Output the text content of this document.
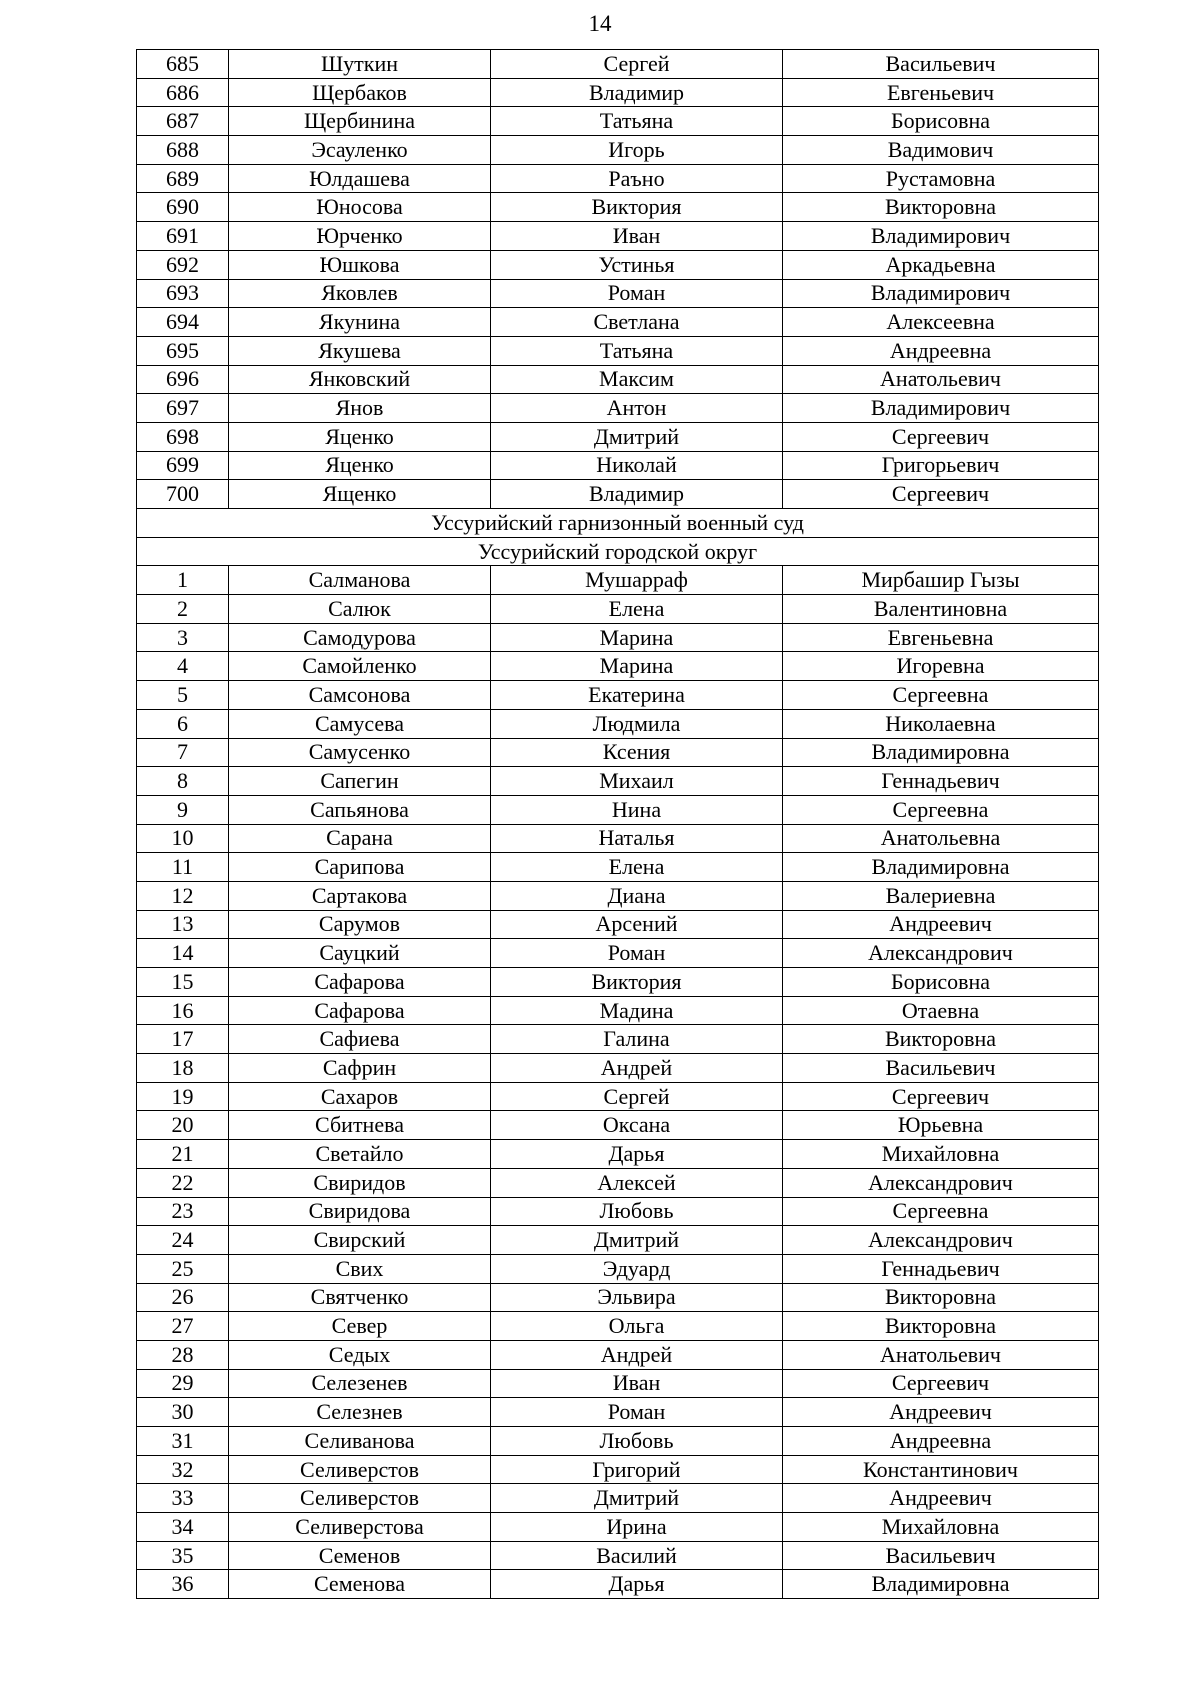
14
685	Шуткин	Сергей	Васильевич
686	Щербаков	Владимир	Евгеньевич
687	Щербинина	Татьяна	Борисовна
688	Эсауленко	Игорь	Вадимович
689	Юлдашева	Раъно	Рустамовна
690	Юносова	Виктория	Викторовна
691	Юрченко	Иван	Владимирович
692	Юшкова	Устинья	Аркадьевна
693	Яковлев	Роман	Владимирович
694	Якунина	Светлана	Алексеевна
695	Якушева	Татьяна	Андреевна
696	Янковский	Максим	Анатольевич
697	Янов	Антон	Владимирович
698	Яценко	Дмитрий	Сергеевич
699	Яценко	Николай	Григорьевич
700	Ященко	Владимир	Сергеевич
Уссурийский гарнизонный военный суд			
Уссурийский городской округ			
1	Салманова	Мушарраф	Мирбашир Гызы
2	Салюк	Елена	Валентиновна
3	Самодурова	Марина	Евгеньевна
4	Самойленко	Марина	Игоревна
5	Самсонова	Екатерина	Сергеевна
6	Самусева	Людмила	Николаевна
7	Самусенко	Ксения	Владимировна
8	Сапегин	Михаил	Геннадьевич
9	Сапьянова	Нина	Сергеевна
10	Сарана	Наталья	Анатольевна
11	Сарипова	Елена	Владимировна
12	Сартакова	Диана	Валериевна
13	Сарумов	Арсений	Андреевич
14	Сауцкий	Роман	Александрович
15	Сафарова	Виктория	Борисовна
16	Сафарова	Мадина	Отаевна
17	Сафиева	Галина	Викторовна
18	Сафрин	Андрей	Васильевич
19	Сахаров	Сергей	Сергеевич
20	Сбитнева	Оксана	Юрьевна
21	Светайло	Дарья	Михайловна
22	Свиридов	Алексей	Александрович
23	Свиридова	Любовь	Сергеевна
24	Свирский	Дмитрий	Александрович
25	Свих	Эдуард	Геннадьевич
26	Святченко	Эльвира	Викторовна
27	Север	Ольга	Викторовна
28	Седых	Андрей	Анатольевич
29	Селезенев	Иван	Сергеевич
30	Селезнев	Роман	Андреевич
31	Селиванова	Любовь	Андреевна
32	Селиверстов	Григорий	Константинович
33	Селиверстов	Дмитрий	Андреевич
34	Селиверстова	Ирина	Михайловна
35	Семенов	Василий	Васильевич
36	Семенова	Дарья	Владимировна
